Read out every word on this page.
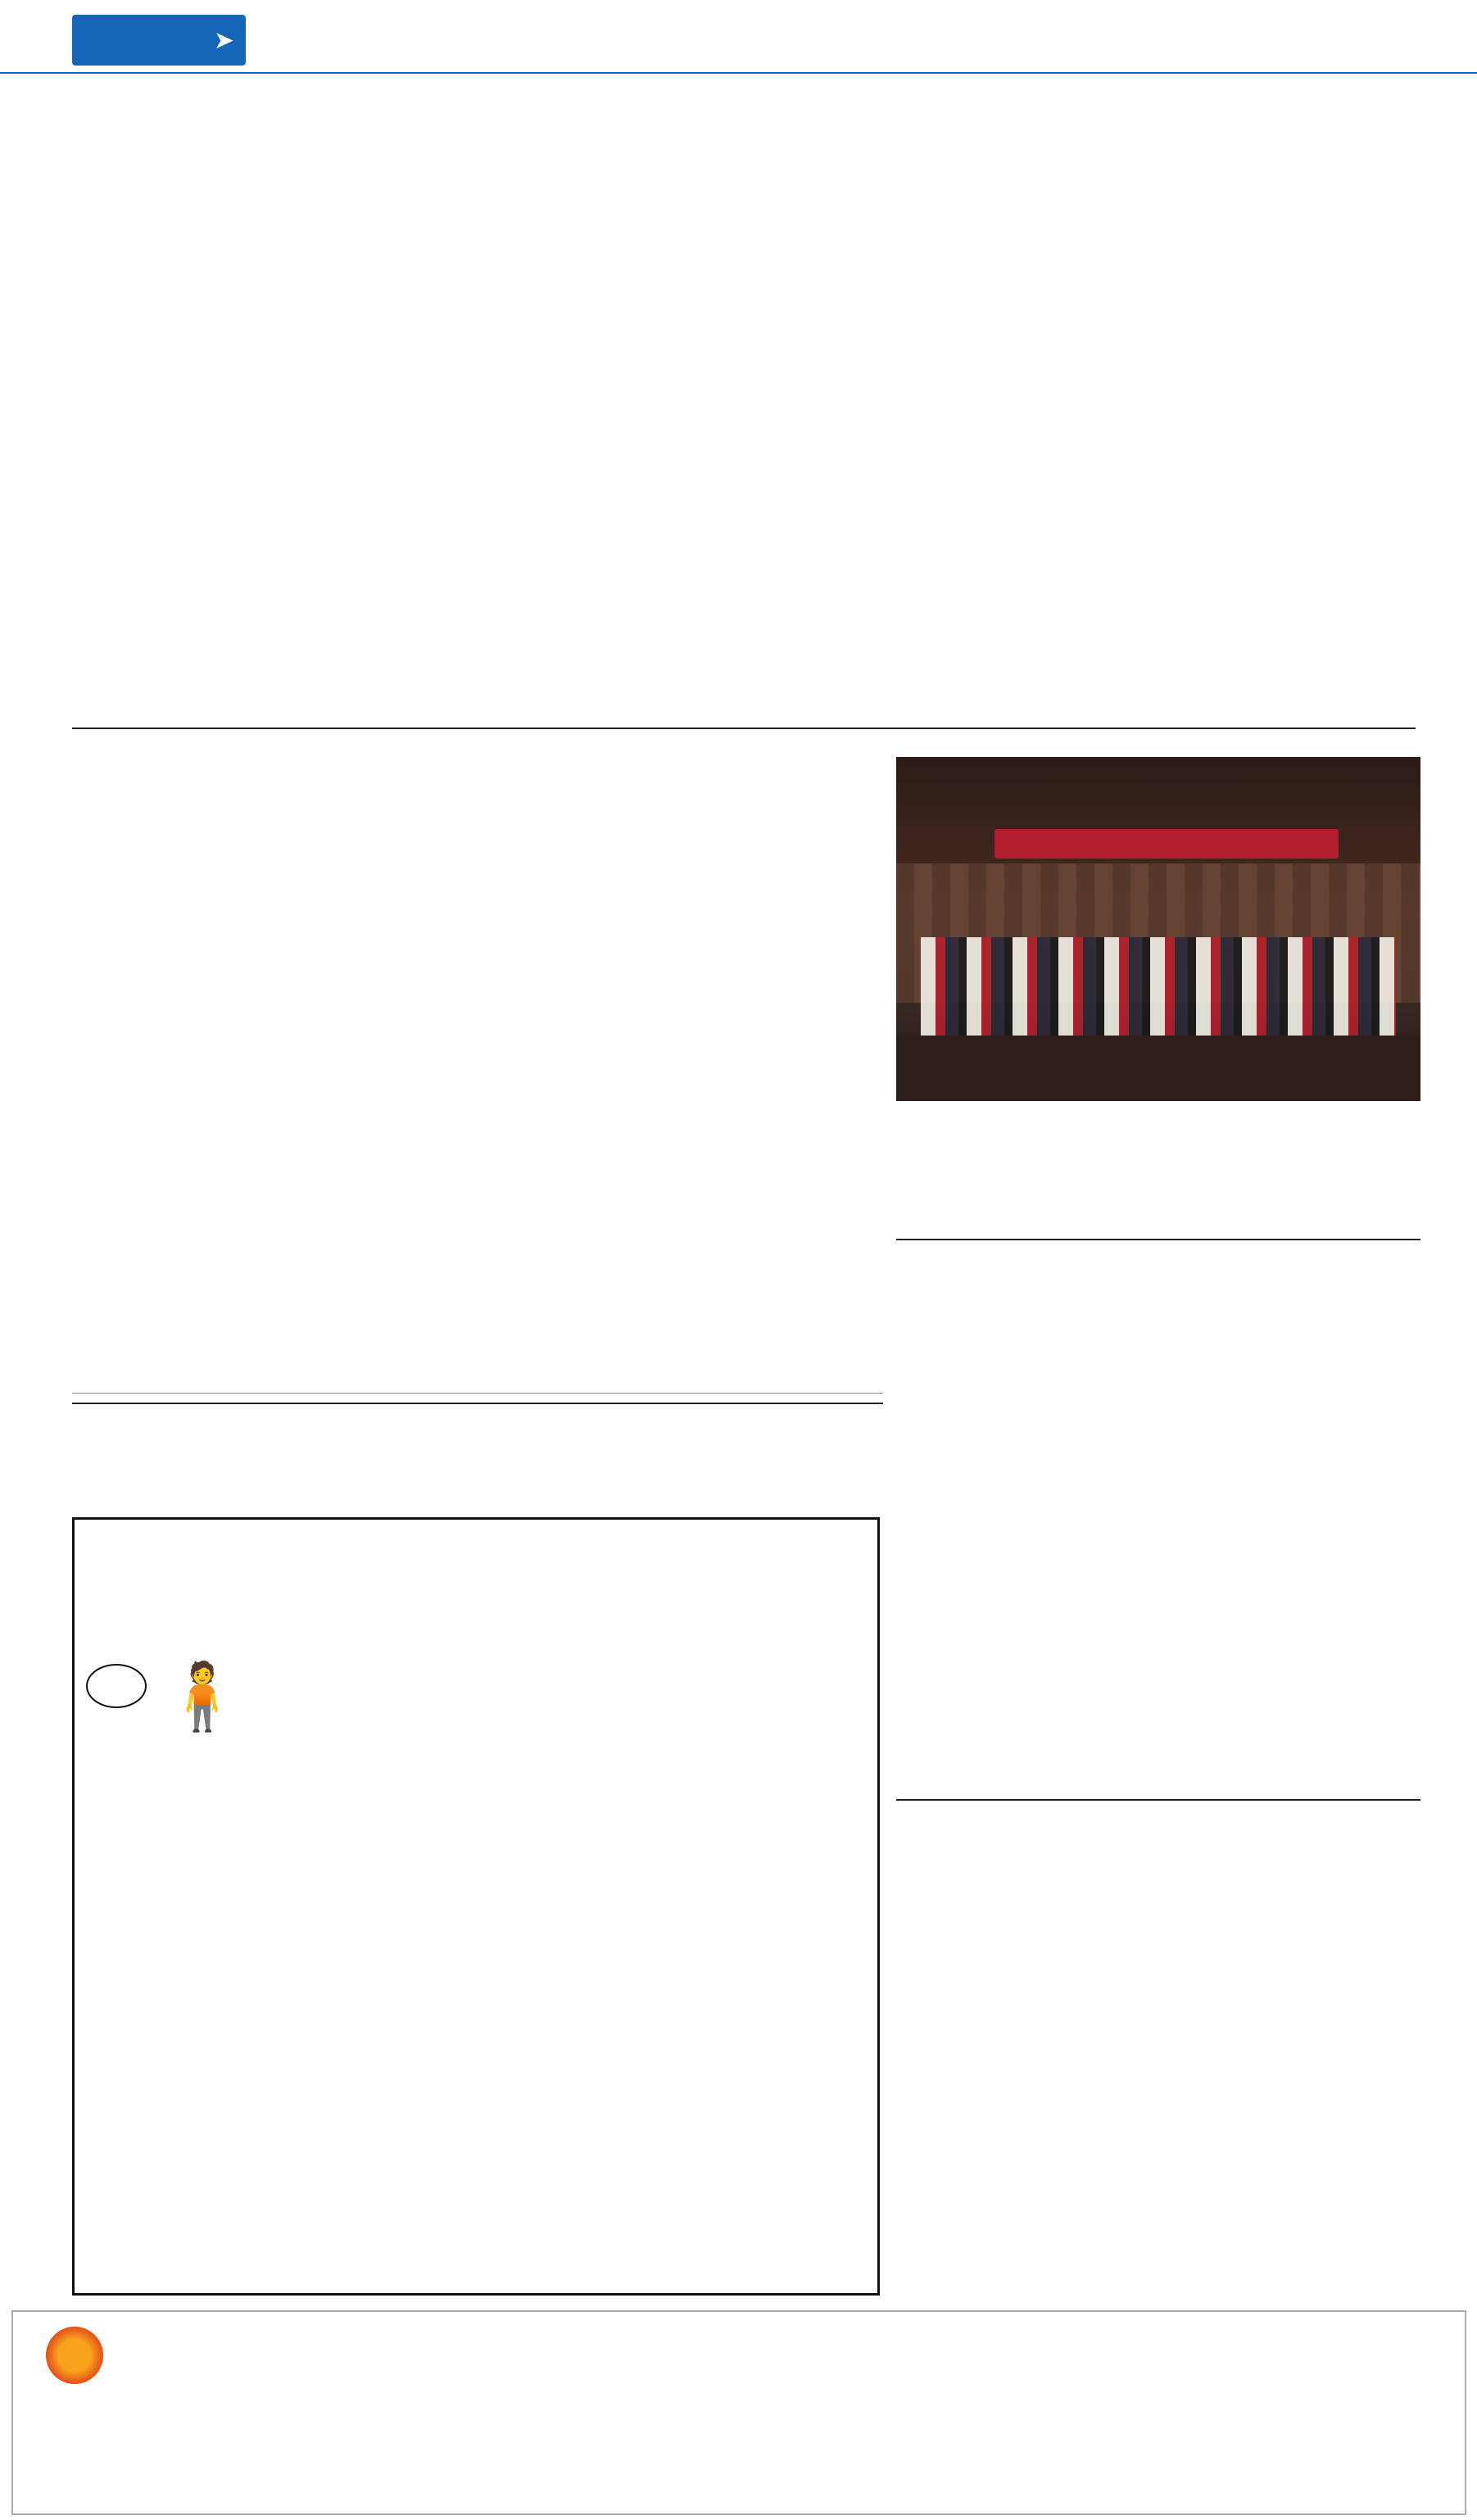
➤

🧍
